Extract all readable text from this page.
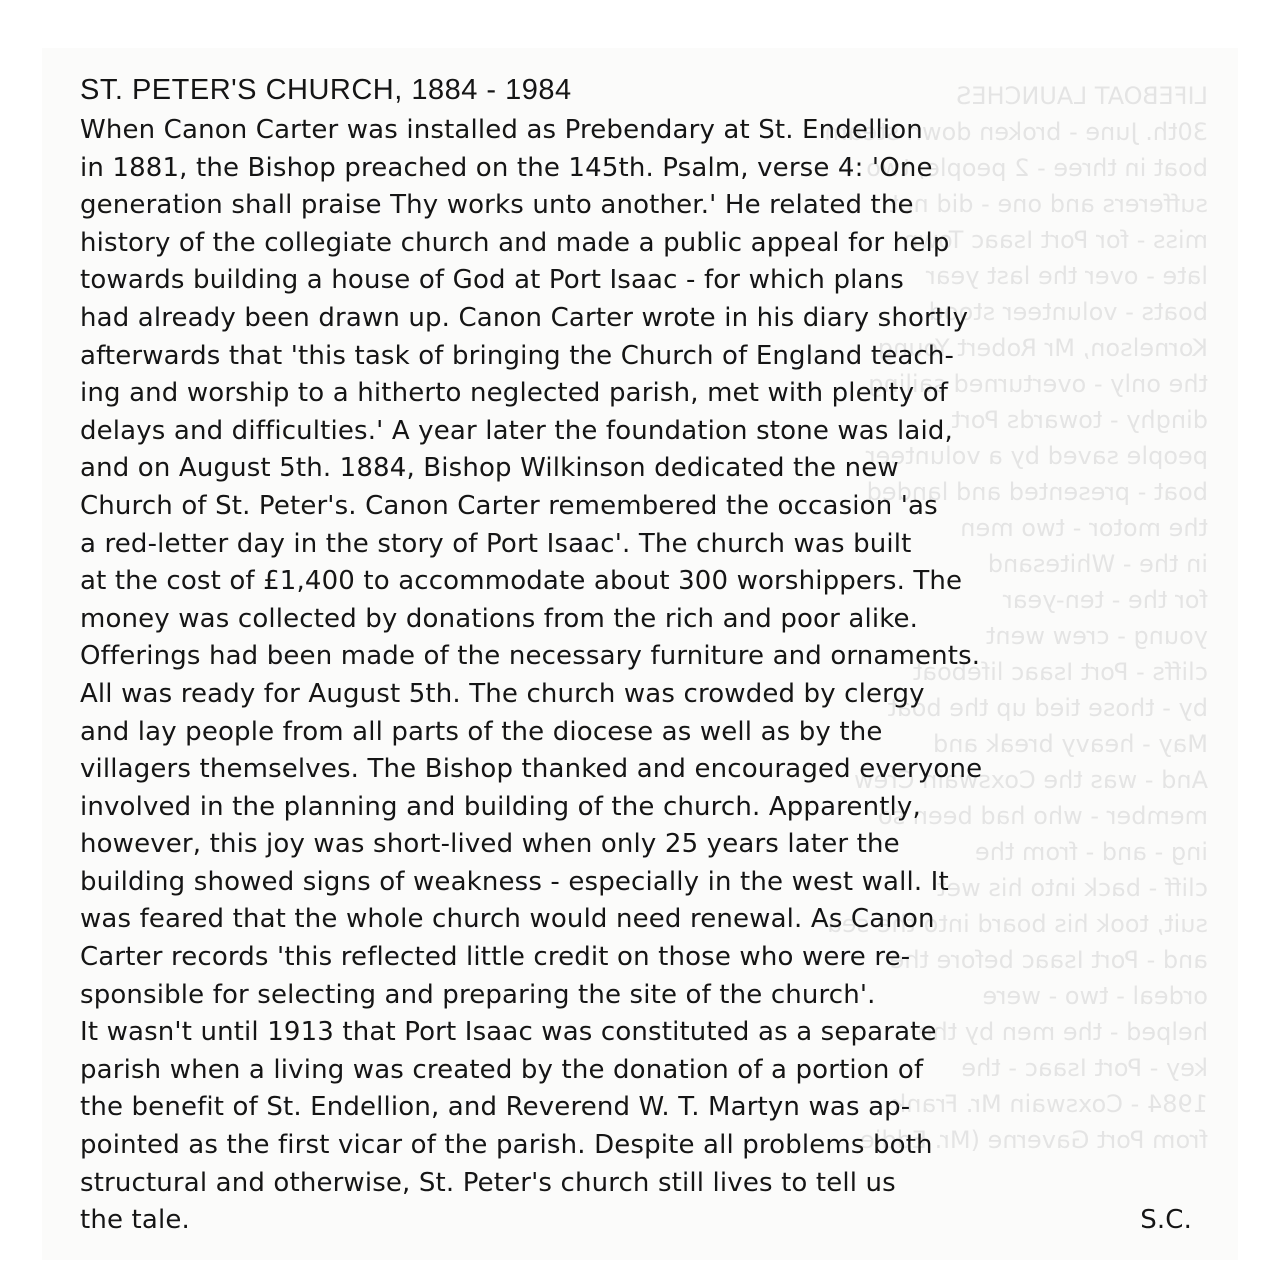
LIFEBOAT LAUNCHES
30th. June - broken down steam
boat in three - 2 people, two
sufferers and one - did not
miss - for Port Isaac Town
late - over the last year
boats - volunteer stood
Kornelson, Mr Robert Young
the only - overturned sailing
dinghy - towards Port
people saved by a volunteer
boat - presented and landed
the motor - two men
in the - Whitesand
for the - ten-year
young - crew went
cliffs - Port Isaac lifeboat
by - those tied up the boat
May - heavy break and
And - was the Coxswain Crew
member - who had been so
ing - and - from the
cliff - back into his wet
suit, took his board into the sea
and - Port Isaac before the
ordeal - two - were
helped - the men by the
key - Port Isaac - the
1984 - Coxswain Mr. Frank
from Port Gaverne (Mr. Eddie
ST. PETER'S CHURCH, 1884 - 1984
When Canon Carter was installed as Prebendary at St. Endellion
in 1881, the Bishop preached on the 145th. Psalm, verse 4: 'One
generation shall praise Thy works unto another.' He related the
history of the collegiate church and made a public appeal for help
towards building a house of God at Port Isaac - for which plans
had already been drawn up. Canon Carter wrote in his diary shortly
afterwards that 'this task of bringing the Church of England teach-
ing and worship to a hitherto neglected parish, met with plenty of
delays and difficulties.' A year later the foundation stone was laid,
and on August 5th. 1884, Bishop Wilkinson dedicated the new
Church of St. Peter's. Canon Carter remembered the occasion 'as
a red-letter day in the story of Port Isaac'. The church was built
at the cost of £1,400 to accommodate about 300 worshippers. The
money was collected by donations from the rich and poor alike.
Offerings had been made of the necessary furniture and ornaments.
All was ready for August 5th. The church was crowded by clergy
and lay people from all parts of the diocese as well as by the
villagers themselves. The Bishop thanked and encouraged everyone
involved in the planning and building of the church. Apparently,
however, this joy was short-lived when only 25 years later the
building showed signs of weakness - especially in the west wall. It
was feared that the whole church would need renewal. As Canon
Carter records 'this reflected little credit on those who were re-
sponsible for selecting and preparing the site of the church'.
It wasn't until 1913 that Port Isaac was constituted as a separate
parish when a living was created by the donation of a portion of
the benefit of St. Endellion, and Reverend W. T. Martyn was ap-
pointed as the first vicar of the parish. Despite all problems both
structural and otherwise, St. Peter's church still lives to tell us
the tale.	S.C.
